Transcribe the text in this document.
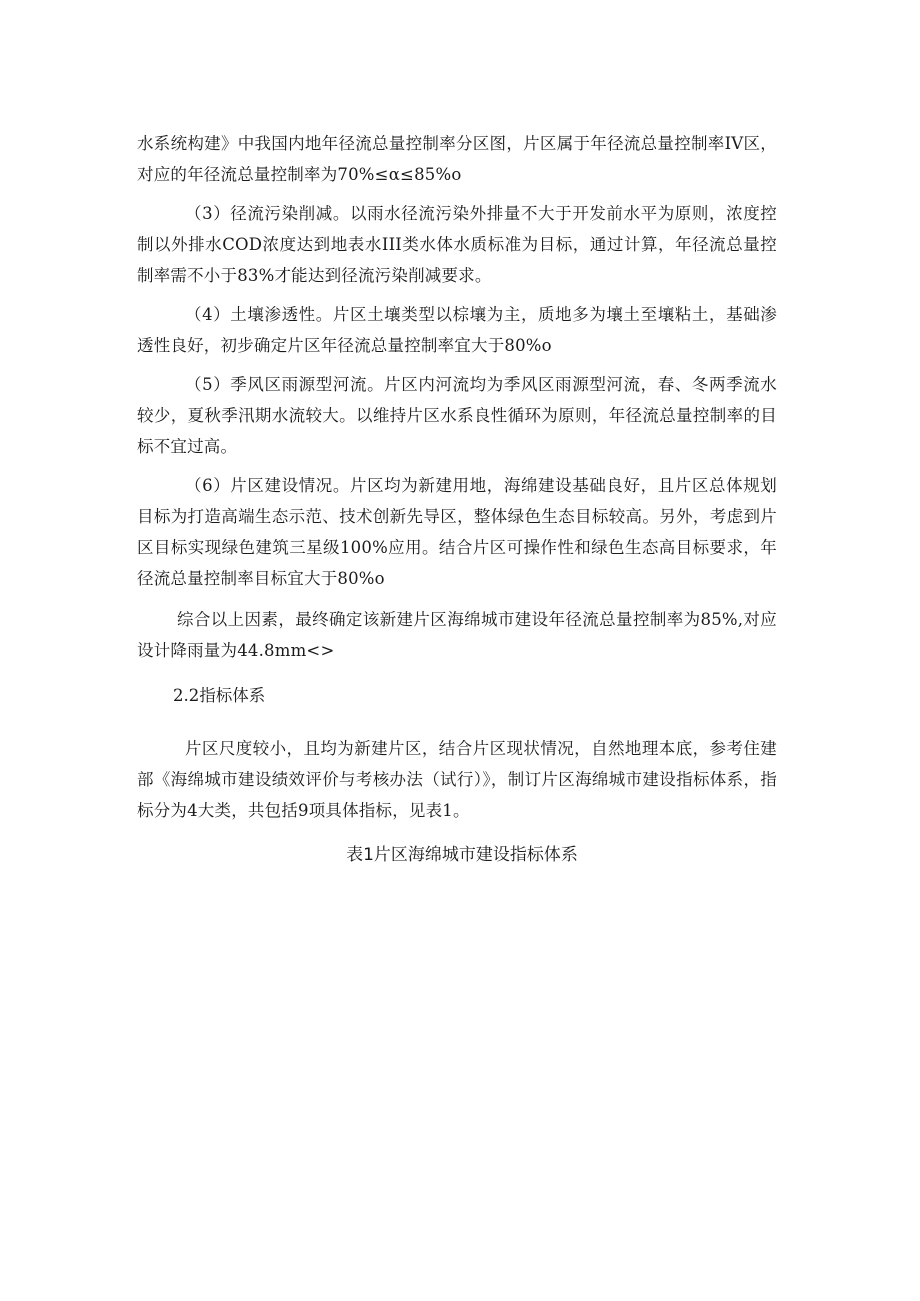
水系统构建》中我国内地年径流总量控制率分区图，片区属于年径流总量控制率IV区，对应的年径流总量控制率为70%≤α≤85%o

（3）径流污染削减。以雨水径流污染外排量不大于开发前水平为原则，浓度控制以外排水COD浓度达到地表水III类水体水质标准为目标，通过计算，年径流总量控制率需不小于83%才能达到径流污染削减要求。

（4）土壤渗透性。片区土壤类型以棕壤为主，质地多为壤土至壤粘土，基础渗透性良好，初步确定片区年径流总量控制率宜大于80%o

（5）季风区雨源型河流。片区内河流均为季风区雨源型河流，春、冬两季流水较少，夏秋季汛期水流较大。以维持片区水系良性循环为原则，年径流总量控制率的目标不宜过高。

（6）片区建设情况。片区均为新建用地，海绵建设基础良好，且片区总体规划目标为打造高端生态示范、技术创新先导区，整体绿色生态目标较高。另外，考虑到片区目标实现绿色建筑三星级100%应用。结合片区可操作性和绿色生态高目标要求，年径流总量控制率目标宜大于80%o

综合以上因素，最终确定该新建片区海绵城市建设年径流总量控制率为85%,对应设计降雨量为44.8mm<>

2.2指标体系

片区尺度较小，且均为新建片区，结合片区现状情况，自然地理本底，参考住建部《海绵城市建设绩效评价与考核办法（试行）》，制订片区海绵城市建设指标体系，指标分为4大类，共包括9项具体指标，见表1。

表1片区海绵城市建设指标体系
